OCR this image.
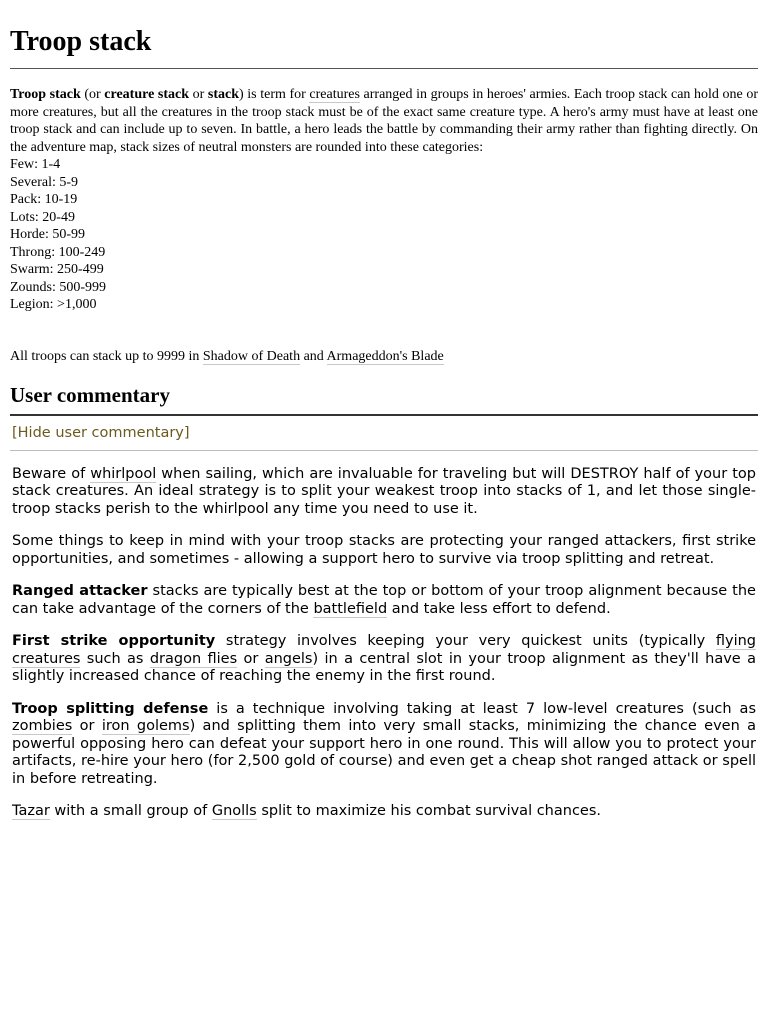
Troop stack
Troop stack (or creature stack or stack) is term for creatures arranged in groups in heroes' armies. Each troop stack can hold one or more creatures, but all the creatures in the troop stack must be of the exact same creature type. A hero's army must have at least one troop stack and can include up to seven. In battle, a hero leads the battle by commanding their army rather than fighting directly. On the adventure map, stack sizes of neutral monsters are rounded into these categories:
Few: 1-4
Several: 5-9
Pack: 10-19
Lots: 20-49
Horde: 50-99
Throng: 100-249
Swarm: 250-499
Zounds: 500-999
Legion: >1,000
All troops can stack up to 9999 in Shadow of Death and Armageddon's Blade
User commentary
[Hide user commentary]

Beware of whirlpool when sailing, which are invaluable for traveling but will DESTROY half of your top stack creatures. An ideal strategy is to split your weakest troop into stacks of 1, and let those single-troop stacks perish to the whirlpool any time you need to use it.

Some things to keep in mind with your troop stacks are protecting your ranged attackers, first strike opportunities, and sometimes - allowing a support hero to survive via troop splitting and retreat.

Ranged attacker stacks are typically best at the top or bottom of your troop alignment because the can take advantage of the corners of the battlefield and take less effort to defend.

First strike opportunity strategy involves keeping your very quickest units (typically flying creatures such as dragon flies or angels) in a central slot in your troop alignment as they'll have a slightly increased chance of reaching the enemy in the first round.

Troop splitting defense is a technique involving taking at least 7 low-level creatures (such as zombies or iron golems) and splitting them into very small stacks, minimizing the chance even a powerful opposing hero can defeat your support hero in one round. This will allow you to protect your artifacts, re-hire your hero (for 2,500 gold of course) and even get a cheap shot ranged attack or spell in before retreating.

Tazar with a small group of Gnolls split to maximize his combat survival chances.
